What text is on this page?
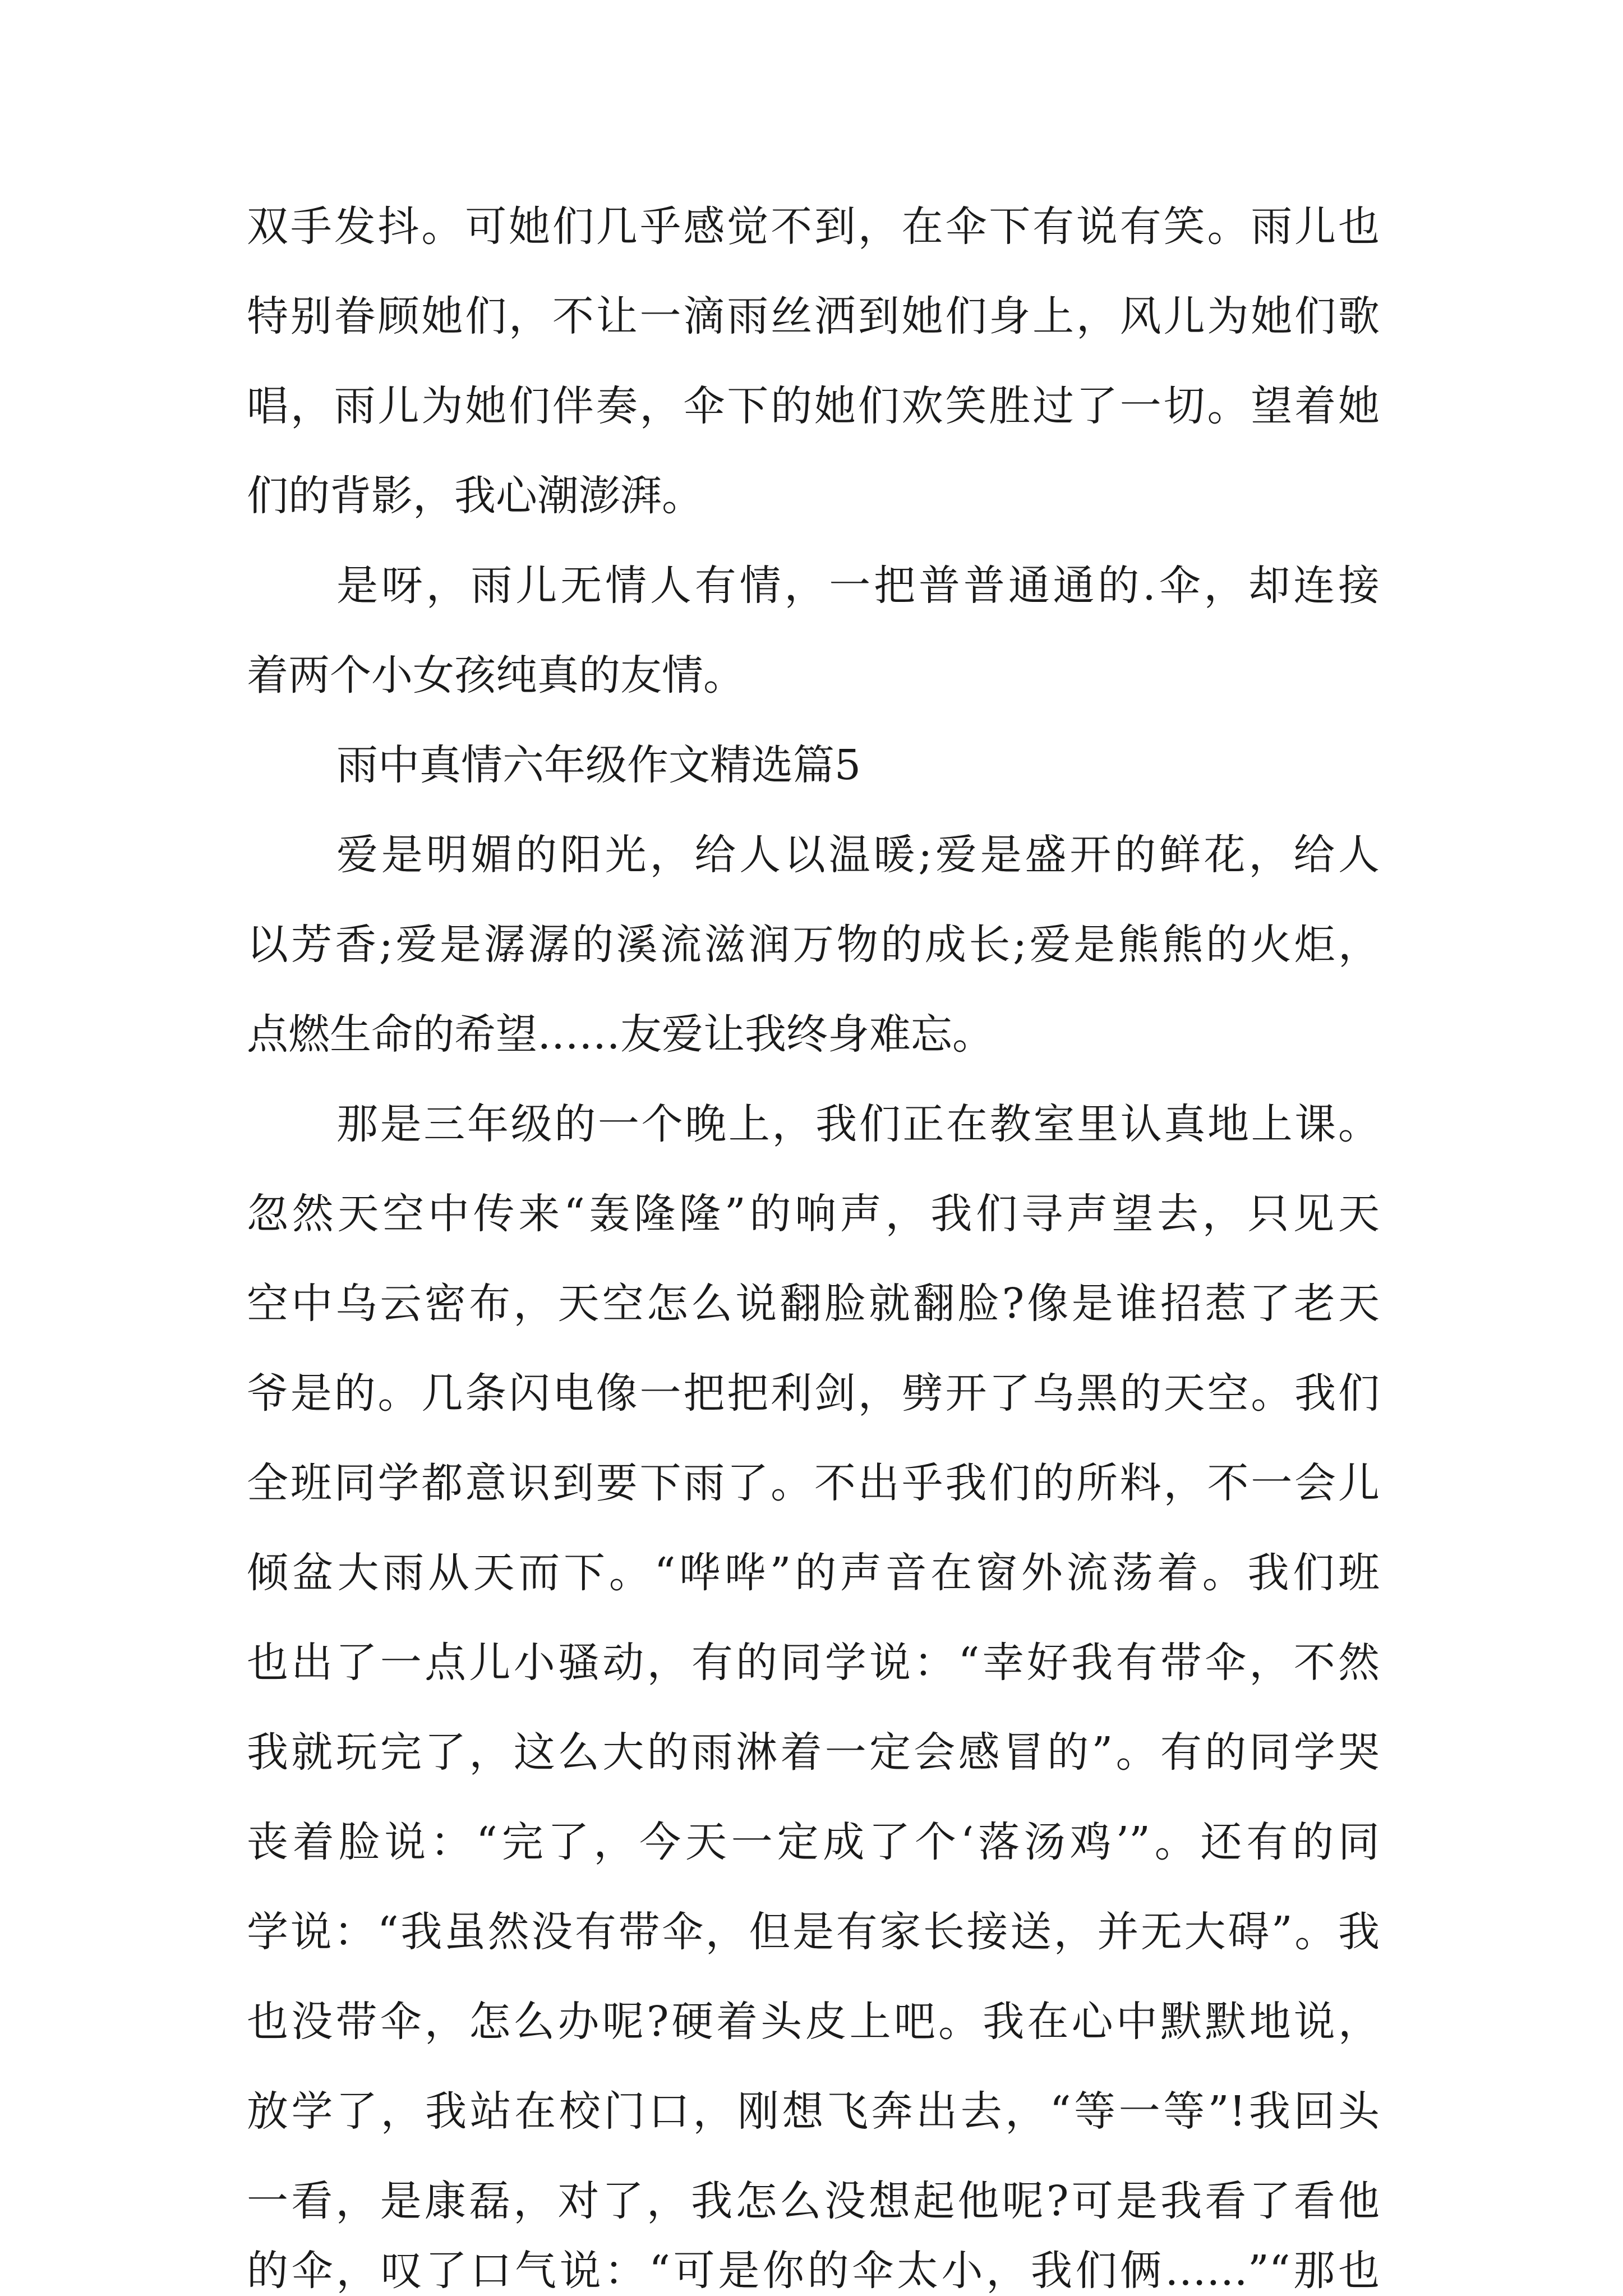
双手发抖。可她们几乎感觉不到，在伞下有说有笑。雨儿也
特别眷顾她们，不让一滴雨丝洒到她们身上，风儿为她们歌
唱，雨儿为她们伴奏，伞下的她们欢笑胜过了一切。望着她
们的背影，我心潮澎湃。
是呀，雨儿无情人有情，一把普普通通的.伞，却连接
着两个小女孩纯真的友情。
雨中真情六年级作文精选篇5
爱是明媚的阳光，给人以温暖;爱是盛开的鲜花，给人
以芳香;爱是潺潺的溪流滋润万物的成长;爱是熊熊的火炬，
点燃生命的希望……友爱让我终身难忘。
那是三年级的一个晚上，我们正在教室里认真地上课。
忽然天空中传来“轰隆隆”的响声，我们寻声望去，只见天
空中乌云密布，天空怎么说翻脸就翻脸?像是谁招惹了老天
爷是的。几条闪电像一把把利剑，劈开了乌黑的天空。我们
全班同学都意识到要下雨了。不出乎我们的所料，不一会儿
倾盆大雨从天而下。“哗哗”的声音在窗外流荡着。我们班
也出了一点儿小骚动，有的同学说：“幸好我有带伞，不然
我就玩完了，这么大的雨淋着一定会感冒的”。有的同学哭
丧着脸说：“完了，今天一定成了个‘落汤鸡’”。还有的同
学说：“我虽然没有带伞，但是有家长接送，并无大碍”。我
也没带伞，怎么办呢?硬着头皮上吧。我在心中默默地说，
放学了，我站在校门口，刚想飞奔出去，“等一等”!我回头
一看，是康磊，对了，我怎么没想起他呢?可是我看了看他
的伞，叹了口气说：“可是你的伞太小，我们俩……”“那也
